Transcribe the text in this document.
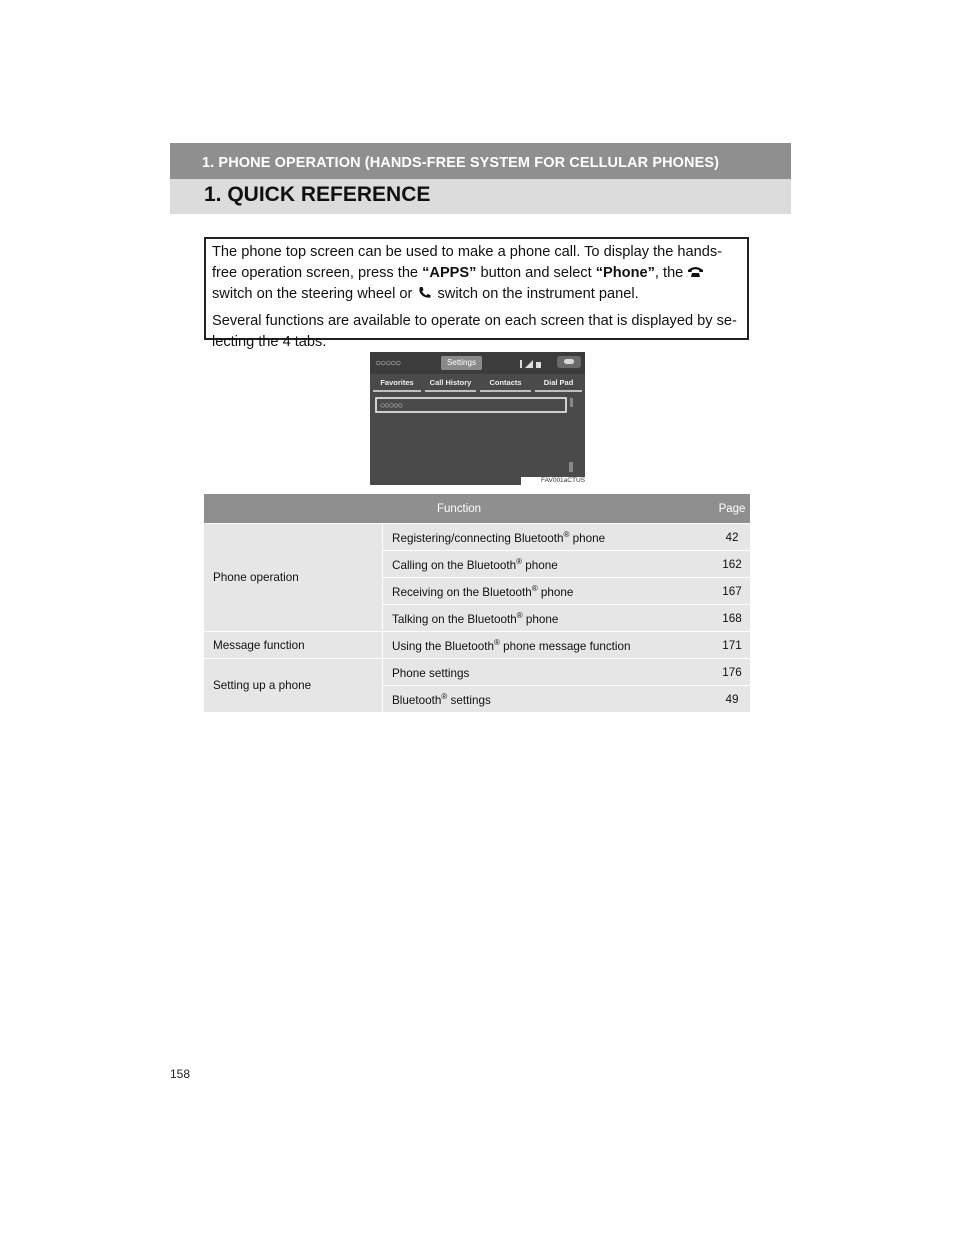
1. PHONE OPERATION (HANDS-FREE SYSTEM FOR CELLULAR PHONES)
1. QUICK REFERENCE

The phone top screen can be used to make a phone call. To display the hands-free operation screen, press the “APPS” button and select “Phone”, the  switch on the steering wheel or  switch on the instrument panel.

Several functions are available to operate on each screen that is displayed by se-lecting the 4 tabs.

○○○○○	Settings
Favorites	Call History	Contacts	Dial Pad
○○○○○
FAV001aCTUS
Function		Page
Phone operation	Registering/connecting Bluetooth® phone	42
	Calling on the Bluetooth® phone	162
	Receiving on the Bluetooth® phone	167
	Talking on the Bluetooth® phone	168
Message function	Using the Bluetooth® phone message function	171
Setting up a phone	Phone settings	176
	Bluetooth® settings	49
158
